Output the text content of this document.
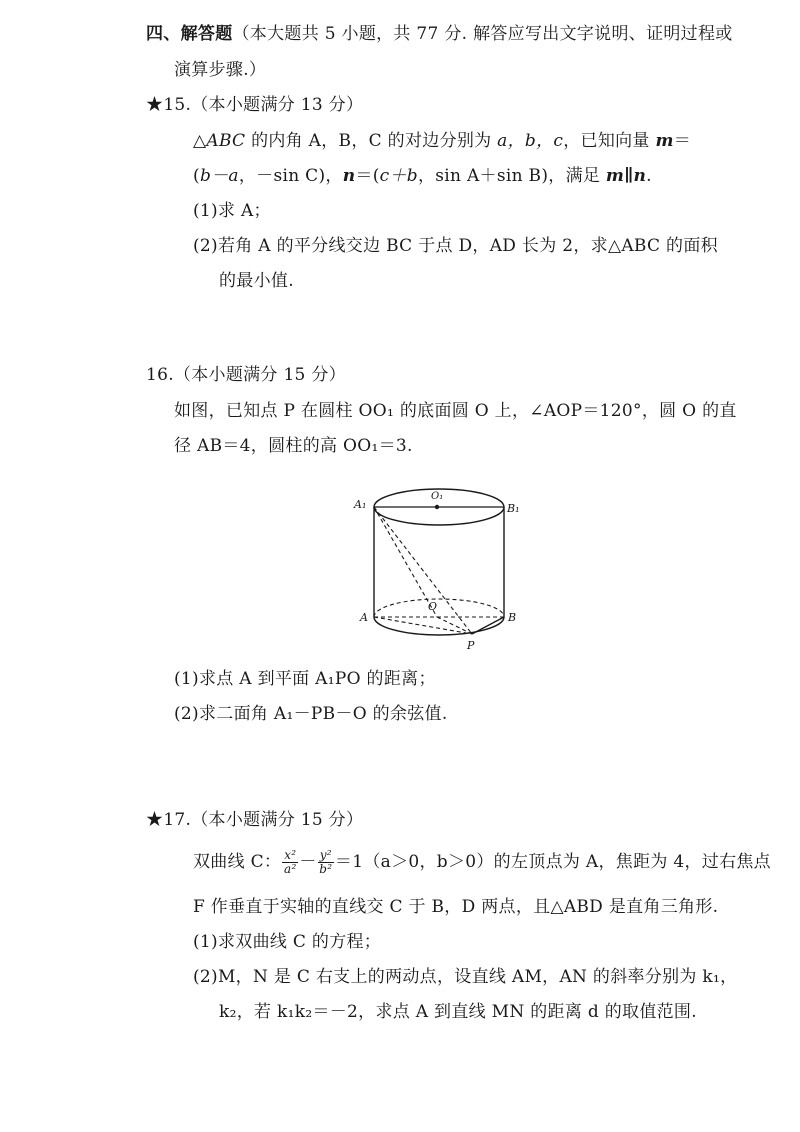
四、解答题（本大题共 5 小题，共 77 分. 解答应写出文字说明、证明过程或
演算步骤.）
★15.（本小题满分 13 分）
△ABC 的内角 A，B，C 的对边分别为 a，b，c，已知向量 m＝
(b－a，－sin C)，n＝(c＋b，sin A＋sin B)，满足 m∥n.
(1)求 A；
(2)若角 A 的平分线交边 BC 于点 D，AD 长为 2，求△ABC 的面积
的最小值.
16.（本小题满分 15 分）
如图，已知点 P 在圆柱 OO₁ 的底面圆 O 上，∠AOP＝120°，圆 O 的直
径 AB＝4，圆柱的高 OO₁＝3.
A₁
O₁
B₁
O
A	B
P
(1)求点 A 到平面 A₁PO 的距离；
(2)求二面角 A₁－PB－O 的余弦值.
★17.（本小题满分 15 分）
双曲线 C： $\frac{\text{x²}}{\text{a²}} - \frac{\text{y²}}{\text{b²}} =1(a>0$，b＞0）的左顶点为 A，焦距为 4，过右焦点
F 作垂直于实轴的直线交 C 于 B，D 两点，且△ABD 是直角三角形.
(1)求双曲线 C 的方程；
(2)M，N 是 C 右支上的两动点，设直线 AM，AN 的斜率分别为 k₁，
k₂，若 k₁k₂＝－2，求点 A 到直线 MN 的距离 d 的取值范围.
